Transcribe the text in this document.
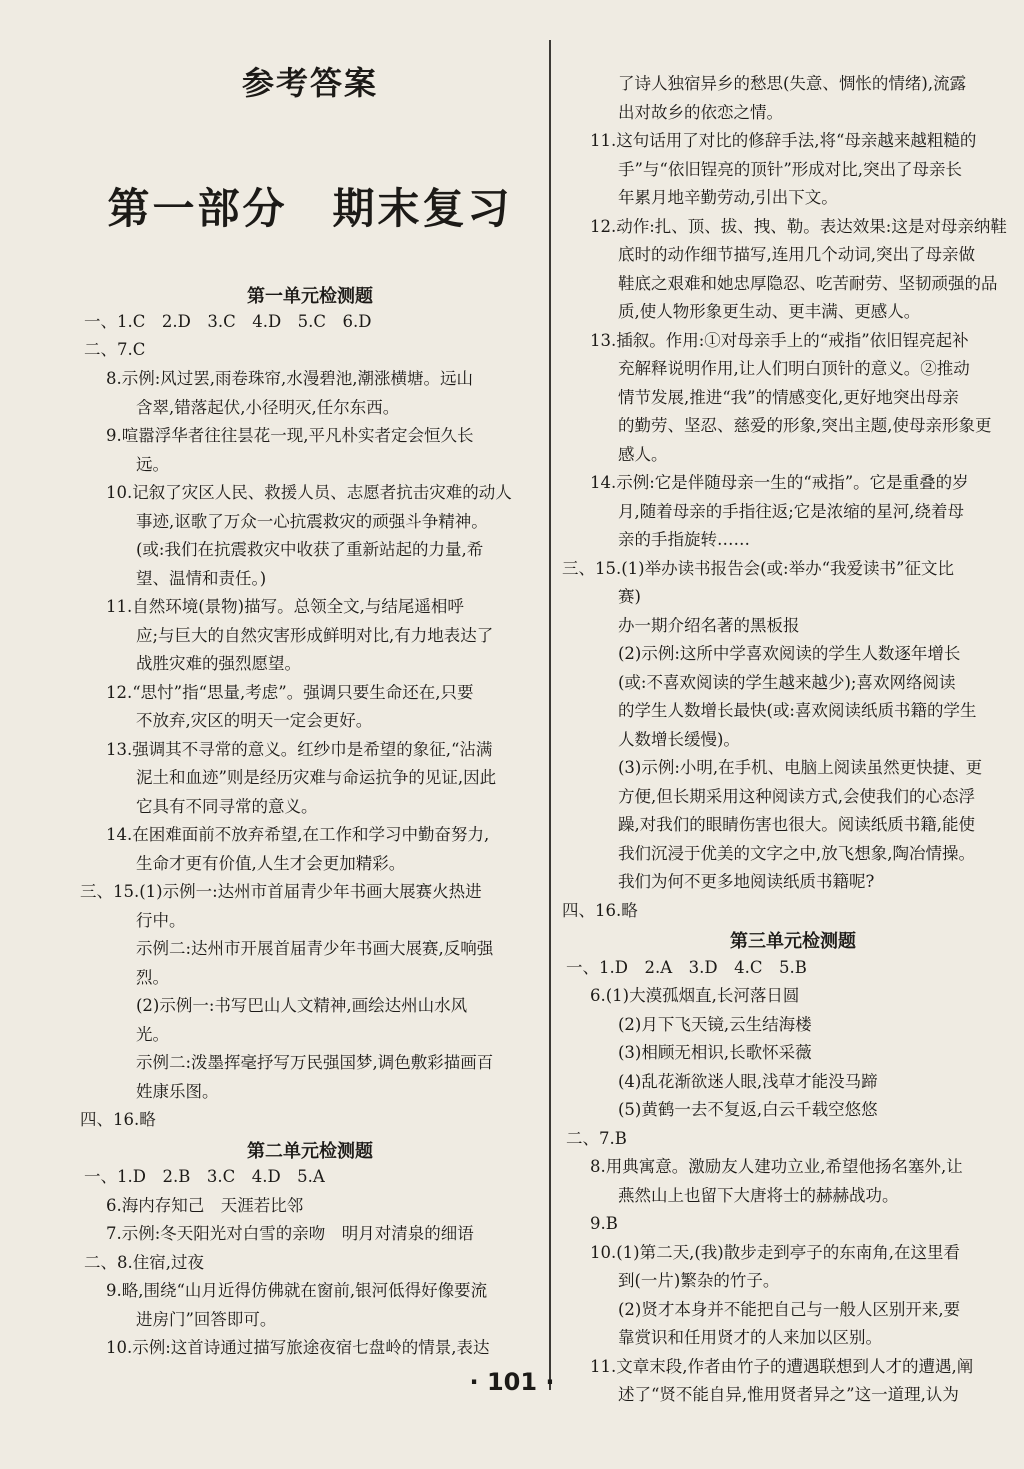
参考答案
第一部分　期末复习
第一单元检测题
一、1.C　2.D　3.C　4.D　5.C　6.D
二、7.C
8.示例:风过罢,雨卷珠帘,水漫碧池,潮涨横塘。远山
含翠,错落起伏,小径明灭,任尔东西。
9.喧嚣浮华者往往昙花一现,平凡朴实者定会恒久长
远。
10.记叙了灾区人民、救援人员、志愿者抗击灾难的动人
事迹,讴歌了万众一心抗震救灾的顽强斗争精神。
(或:我们在抗震救灾中收获了重新站起的力量,希
望、温情和责任。)
11.自然环境(景物)描写。总领全文,与结尾遥相呼
应;与巨大的自然灾害形成鲜明对比,有力地表达了
战胜灾难的强烈愿望。
12.“思忖”指“思量,考虑”。强调只要生命还在,只要
不放弃,灾区的明天一定会更好。
13.强调其不寻常的意义。红纱巾是希望的象征,“沾满
泥土和血迹”则是经历灾难与命运抗争的见证,因此
它具有不同寻常的意义。
14.在困难面前不放弃希望,在工作和学习中勤奋努力,
生命才更有价值,人生才会更加精彩。
三、15.(1)示例一:达州市首届青少年书画大展赛火热进
行中。
示例二:达州市开展首届青少年书画大展赛,反响强
烈。
(2)示例一:书写巴山人文精神,画绘达州山水风
光。
示例二:泼墨挥毫抒写万民强国梦,调色敷彩描画百
姓康乐图。
四、16.略
第二单元检测题
一、1.D　2.B　3.C　4.D　5.A
6.海内存知己　天涯若比邻
7.示例:冬天阳光对白雪的亲吻　明月对清泉的细语
二、8.住宿,过夜
9.略,围绕“山月近得仿佛就在窗前,银河低得好像要流
进房门”回答即可。
10.示例:这首诗通过描写旅途夜宿七盘岭的情景,表达
了诗人独宿异乡的愁思(失意、惆怅的情绪),流露
出对故乡的依恋之情。
11.这句话用了对比的修辞手法,将“母亲越来越粗糙的
手”与“依旧锃亮的顶针”形成对比,突出了母亲长
年累月地辛勤劳动,引出下文。
12.动作:扎、顶、拔、拽、勒。表达效果:这是对母亲纳鞋
底时的动作细节描写,连用几个动词,突出了母亲做
鞋底之艰难和她忠厚隐忍、吃苦耐劳、坚韧顽强的品
质,使人物形象更生动、更丰满、更感人。
13.插叙。作用:①对母亲手上的“戒指”依旧锃亮起补
充解释说明作用,让人们明白顶针的意义。②推动
情节发展,推进“我”的情感变化,更好地突出母亲
的勤劳、坚忍、慈爱的形象,突出主题,使母亲形象更
感人。
14.示例:它是伴随母亲一生的“戒指”。它是重叠的岁
月,随着母亲的手指往返;它是浓缩的星河,绕着母
亲的手指旋转……
三、15.(1)举办读书报告会(或:举办“我爱读书”征文比
赛)
办一期介绍名著的黑板报
(2)示例:这所中学喜欢阅读的学生人数逐年增长
(或:不喜欢阅读的学生越来越少);喜欢网络阅读
的学生人数增长最快(或:喜欢阅读纸质书籍的学生
人数增长缓慢)。
(3)示例:小明,在手机、电脑上阅读虽然更快捷、更
方便,但长期采用这种阅读方式,会使我们的心态浮
躁,对我们的眼睛伤害也很大。阅读纸质书籍,能使
我们沉浸于优美的文字之中,放飞想象,陶冶情操。
我们为何不更多地阅读纸质书籍呢?
四、16.略
第三单元检测题
一、1.D　2.A　3.D　4.C　5.B
6.(1)大漠孤烟直,长河落日圆
(2)月下飞天镜,云生结海楼
(3)相顾无相识,长歌怀采薇
(4)乱花渐欲迷人眼,浅草才能没马蹄
(5)黄鹤一去不复返,白云千载空悠悠
二、7.B
8.用典寓意。激励友人建功立业,希望他扬名塞外,让
燕然山上也留下大唐将士的赫赫战功。
9.B
10.(1)第二天,(我)散步走到亭子的东南角,在这里看
到(一片)繁杂的竹子。
(2)贤才本身并不能把自己与一般人区别开来,要
靠赏识和任用贤才的人来加以区别。
11.文章末段,作者由竹子的遭遇联想到人才的遭遇,阐
述了“贤不能自异,惟用贤者异之”这一道理,认为
· 101 ·
